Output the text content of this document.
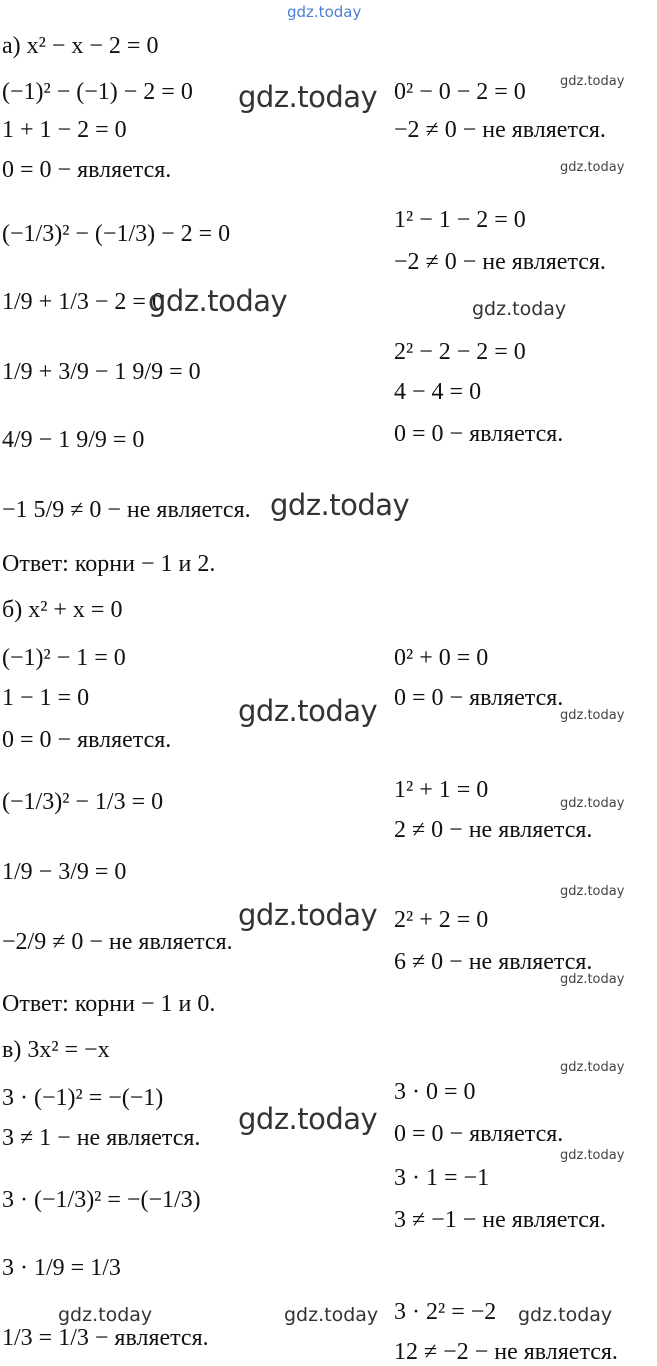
gdz.today
а) x² − x − 2 = 0
(−1)² − (−1) − 2 = 0
1 + 1 − 2 = 0
0 = 0 − является.
(−1/3)² − (−1/3) − 2 = 0
1/9 + 1/3 − 2 = 0
1/9 + 3/9 − 1 9/9 = 0
4/9 − 1 9/9 = 0
−1 5/9 ≠ 0 − не является.
0² − 0 − 2 = 0
−2 ≠ 0 − не является.
1² − 1 − 2 = 0
−2 ≠ 0 − не является.
2² − 2 − 2 = 0
4 − 4 = 0
0 = 0 − является.
Ответ: корни − 1 и 2.
б) x² + x = 0
(−1)² − 1 = 0
1 − 1 = 0
0 = 0 − является.
(−1/3)² − 1/3 = 0
1/9 − 3/9 = 0
−2/9 ≠ 0 − не является.
0² + 0 = 0
0 = 0 − является.
1² + 1 = 0
2 ≠ 0 − не является.
2² + 2 = 0
6 ≠ 0 − не является.
Ответ: корни − 1 и 0.
в) 3x² = −x
3 · (−1)² = −(−1)
3 ≠ 1 − не является.
3 · (−1/3)² = −(−1/3)
3 · 1/9 = 1/3
1/3 = 1/3 − является.
3 · 0 = 0
0 = 0 − является.
3 · 1 = −1
3 ≠ −1 − не является.
3 · 2² = −2
12 ≠ −2 − не является.
gdz.today
gdz.today
gdz.today
gdz.today
gdz.today
gdz.today
gdz.today
gdz.today	gdz.today	gdz.today
gdz.today
gdz.today
gdz.today
gdz.today
gdz.today
gdz.today
gdz.today
gdz.today
